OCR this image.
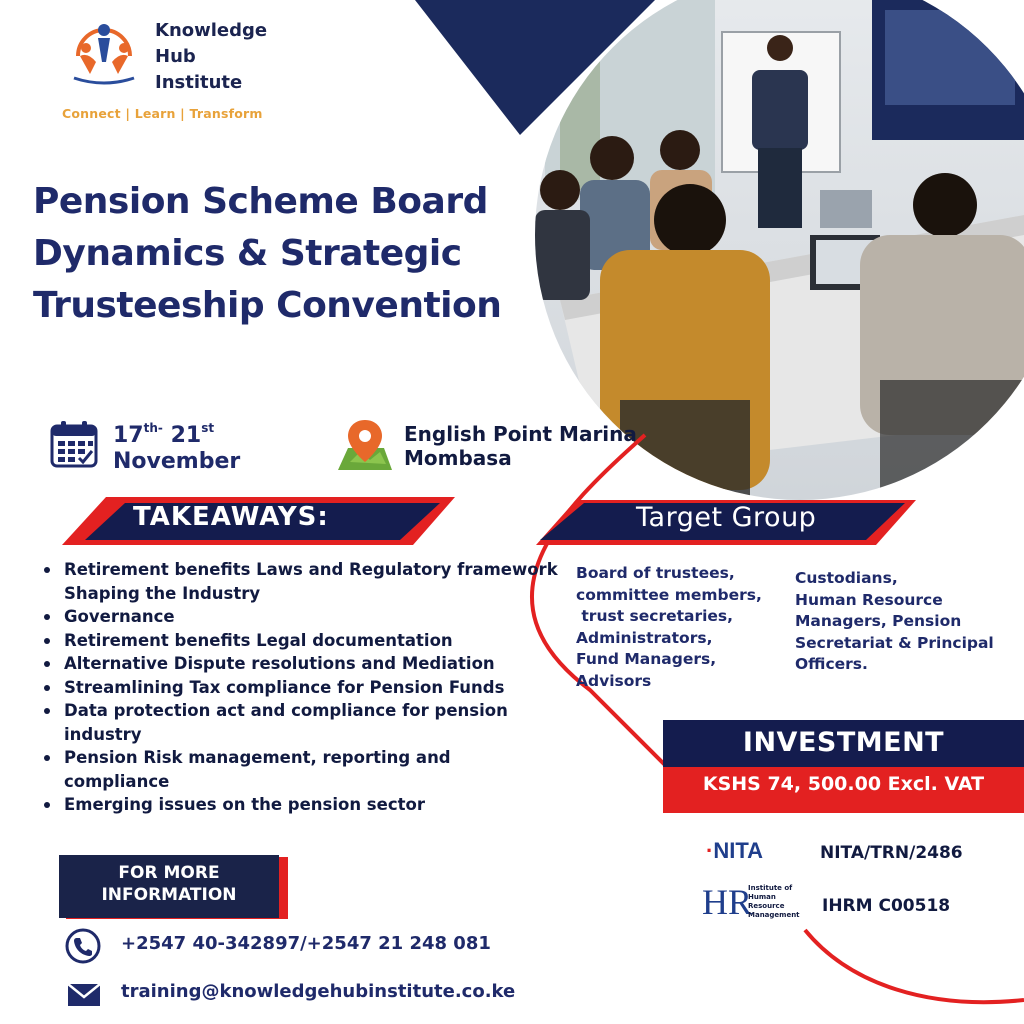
Knowledge
Hub
Institute
Connect | Learn | Transform
Pension Scheme Board
Dynamics & Strategic
Trusteeship Convention
$17^{th-}$ 21st
November
English Point Marina
Mombasa
TAKEAWAYS:	Target Group
Retirement benefits Laws and Regulatory framework Shaping the Industry
Governance
Retirement benefits Legal documentation
Alternative Dispute resolutions and Mediation
Streamlining Tax compliance for Pension Funds
Data protection act and compliance for pension industry
Pension Risk management, reporting and compliance
Emerging issues on the pension sector
Board of trustees,
committee members,
trust secretaries,
Administrators,
Fund Managers,
Advisors
Custodians,
Human Resource
Managers, Pension
Secretariat & Principal
Officers.
INVESTMENT
KSHS 74, 500.00 Excl. VAT
·NITA	NITA/TRN/2486
HR
Institute of
Human
Resource
Management IHRM C00518
FOR MORE
INFORMATION
+2547 40-342897/+2547 21 248 081
training@knowledgehubinstitute.co.ke
